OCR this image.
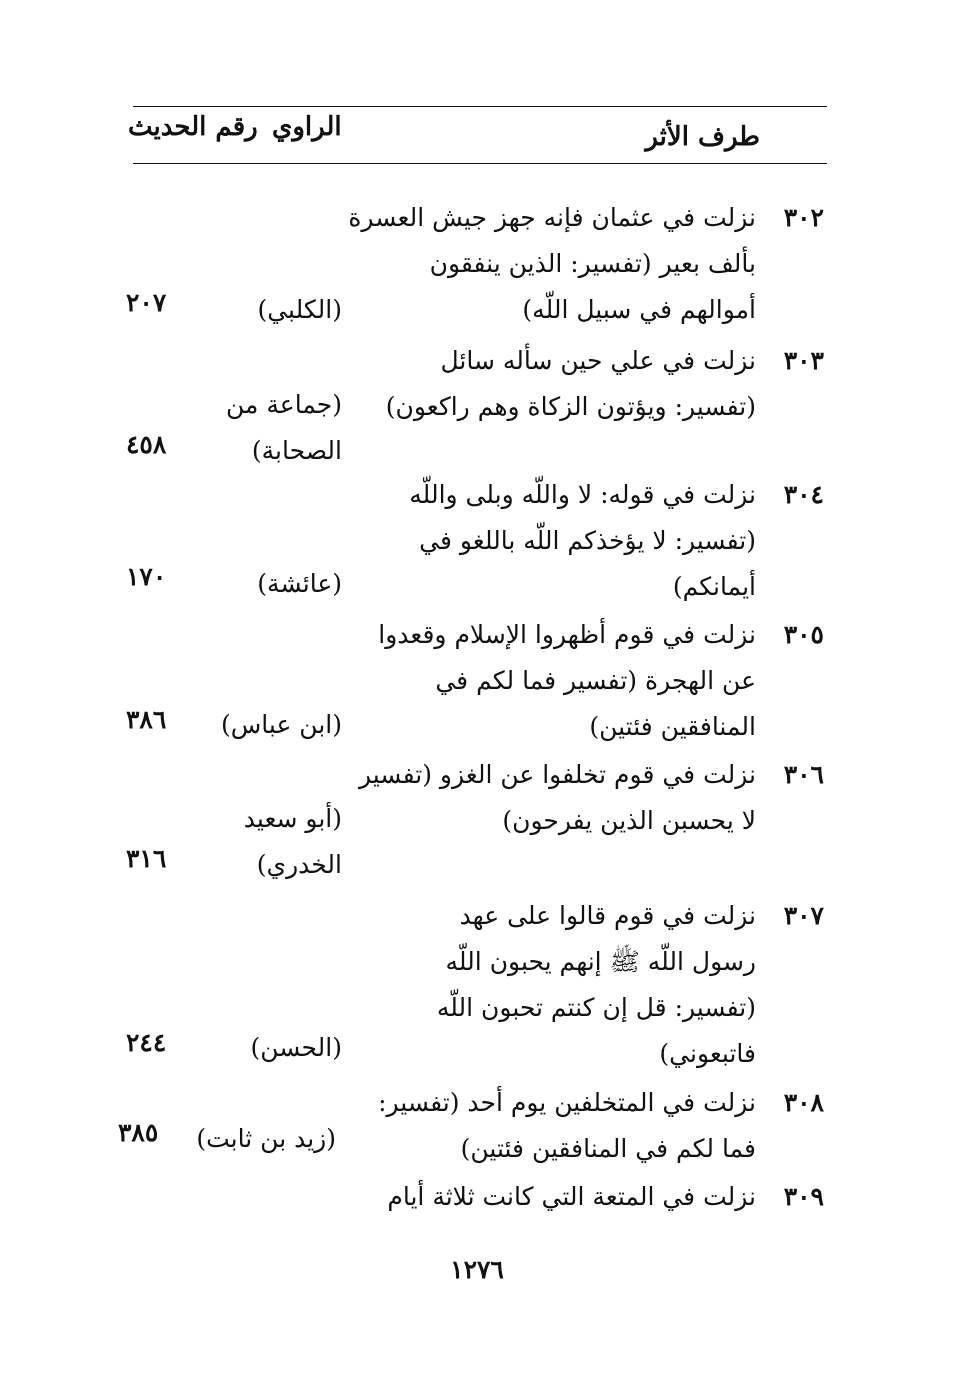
طرف الأثر
الراوي
رقم الحديث
٣٠٢
نزلت في عثمان فإنه جهز جيش العسرة
بألف بعير (تفسير: الذين ينفقون
أموالهم في سبيل اللّه)
(الكلبي)
٢٠٧
٣٠٣
نزلت في علي حين سأله سائل
(تفسير: ويؤتون الزكاة وهم راكعون)
(جماعة من
الصحابة)
٤٥٨
٣٠٤
نزلت في قوله: لا واللّه وبلى واللّه
(تفسير: لا يؤخذكم اللّه باللغو في
أيمانكم)
(عائشة)
١٧٠
٣٠٥
نزلت في قوم أظهروا الإسلام وقعدوا
عن الهجرة (تفسير فما لكم في
المنافقين فئتين)
(ابن عباس)
٣٨٦
٣٠٦
نزلت في قوم تخلفوا عن الغزو (تفسير
لا يحسبن الذين يفرحون)
(أبو سعيد
الخدري)
٣١٦
٣٠٧
نزلت في قوم قالوا على عهد
رسول اللّه ﷺ إنهم يحبون اللّه
(تفسير: قل إن كنتم تحبون اللّه
فاتبعوني)
(الحسن)
٢٤٤
٣٠٨
نزلت في المتخلفين يوم أحد (تفسير:
فما لكم في المنافقين فئتين)
(زيد بن ثابت)
٣٨٥
٣٠٩
نزلت في المتعة التي كانت ثلاثة أيام
١٢٧٦
